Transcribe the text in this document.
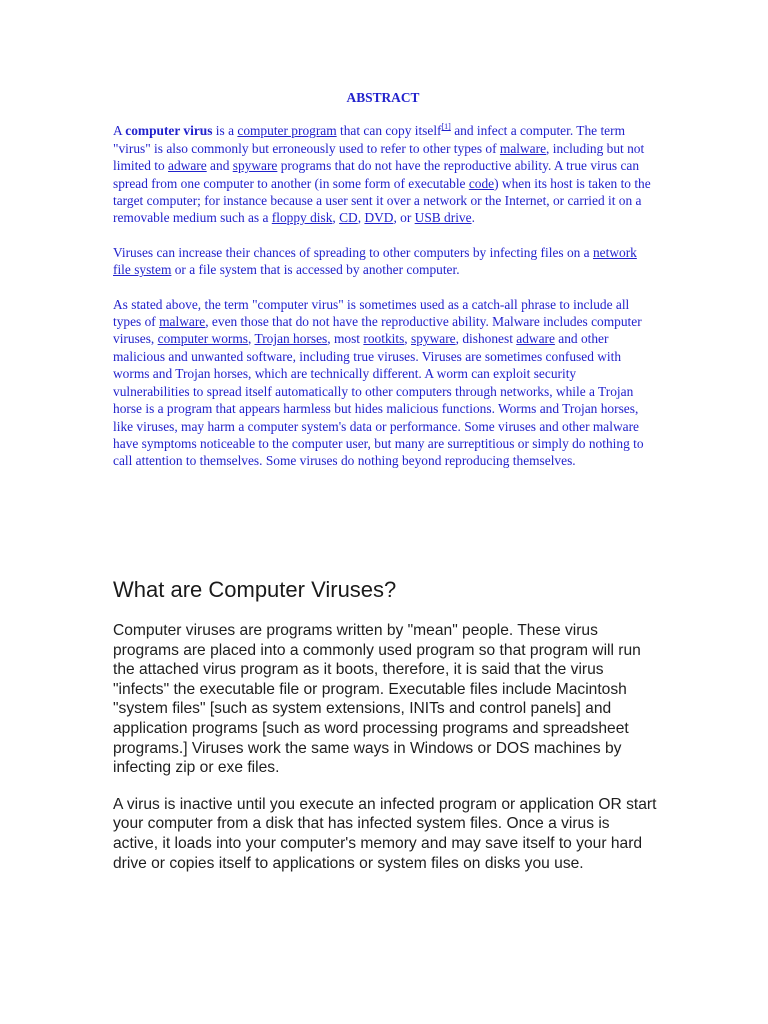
ABSTRACT

A computer virus is a computer program that can copy itself[1] and infect a computer. The term "virus" is also commonly but erroneously used to refer to other types of malware, including but not limited to adware and spyware programs that do not have the reproductive ability. A true virus can spread from one computer to another (in some form of executable code) when its host is taken to the target computer; for instance because a user sent it over a network or the Internet, or carried it on a removable medium such as a floppy disk, CD, DVD, or USB drive.

Viruses can increase their chances of spreading to other computers by infecting files on a network file system or a file system that is accessed by another computer.

As stated above, the term "computer virus" is sometimes used as a catch-all phrase to include all types of malware, even those that do not have the reproductive ability. Malware includes computer viruses, computer worms, Trojan horses, most rootkits, spyware, dishonest adware and other malicious and unwanted software, including true viruses. Viruses are sometimes confused with worms and Trojan horses, which are technically different. A worm can exploit security vulnerabilities to spread itself automatically to other computers through networks, while a Trojan horse is a program that appears harmless but hides malicious functions. Worms and Trojan horses, like viruses, may harm a computer system's data or performance. Some viruses and other malware have symptoms noticeable to the computer user, but many are surreptitious or simply do nothing to call attention to themselves. Some viruses do nothing beyond reproducing themselves.

What are Computer Viruses?

Computer viruses are programs written by "mean" people. These virus programs are placed into a commonly used program so that program will run the attached virus program as it boots, therefore, it is said that the virus "infects" the executable file or program. Executable files include Macintosh "system files" [such as system extensions, INITs and control panels] and application programs [such as word processing programs and spreadsheet programs.] Viruses work the same ways in Windows or DOS machines by infecting zip or exe files.

A virus is inactive until you execute an infected program or application OR start your computer from a disk that has infected system files. Once a virus is active, it loads into your computer's memory and may save itself to your hard drive or copies itself to applications or system files on disks you use.
